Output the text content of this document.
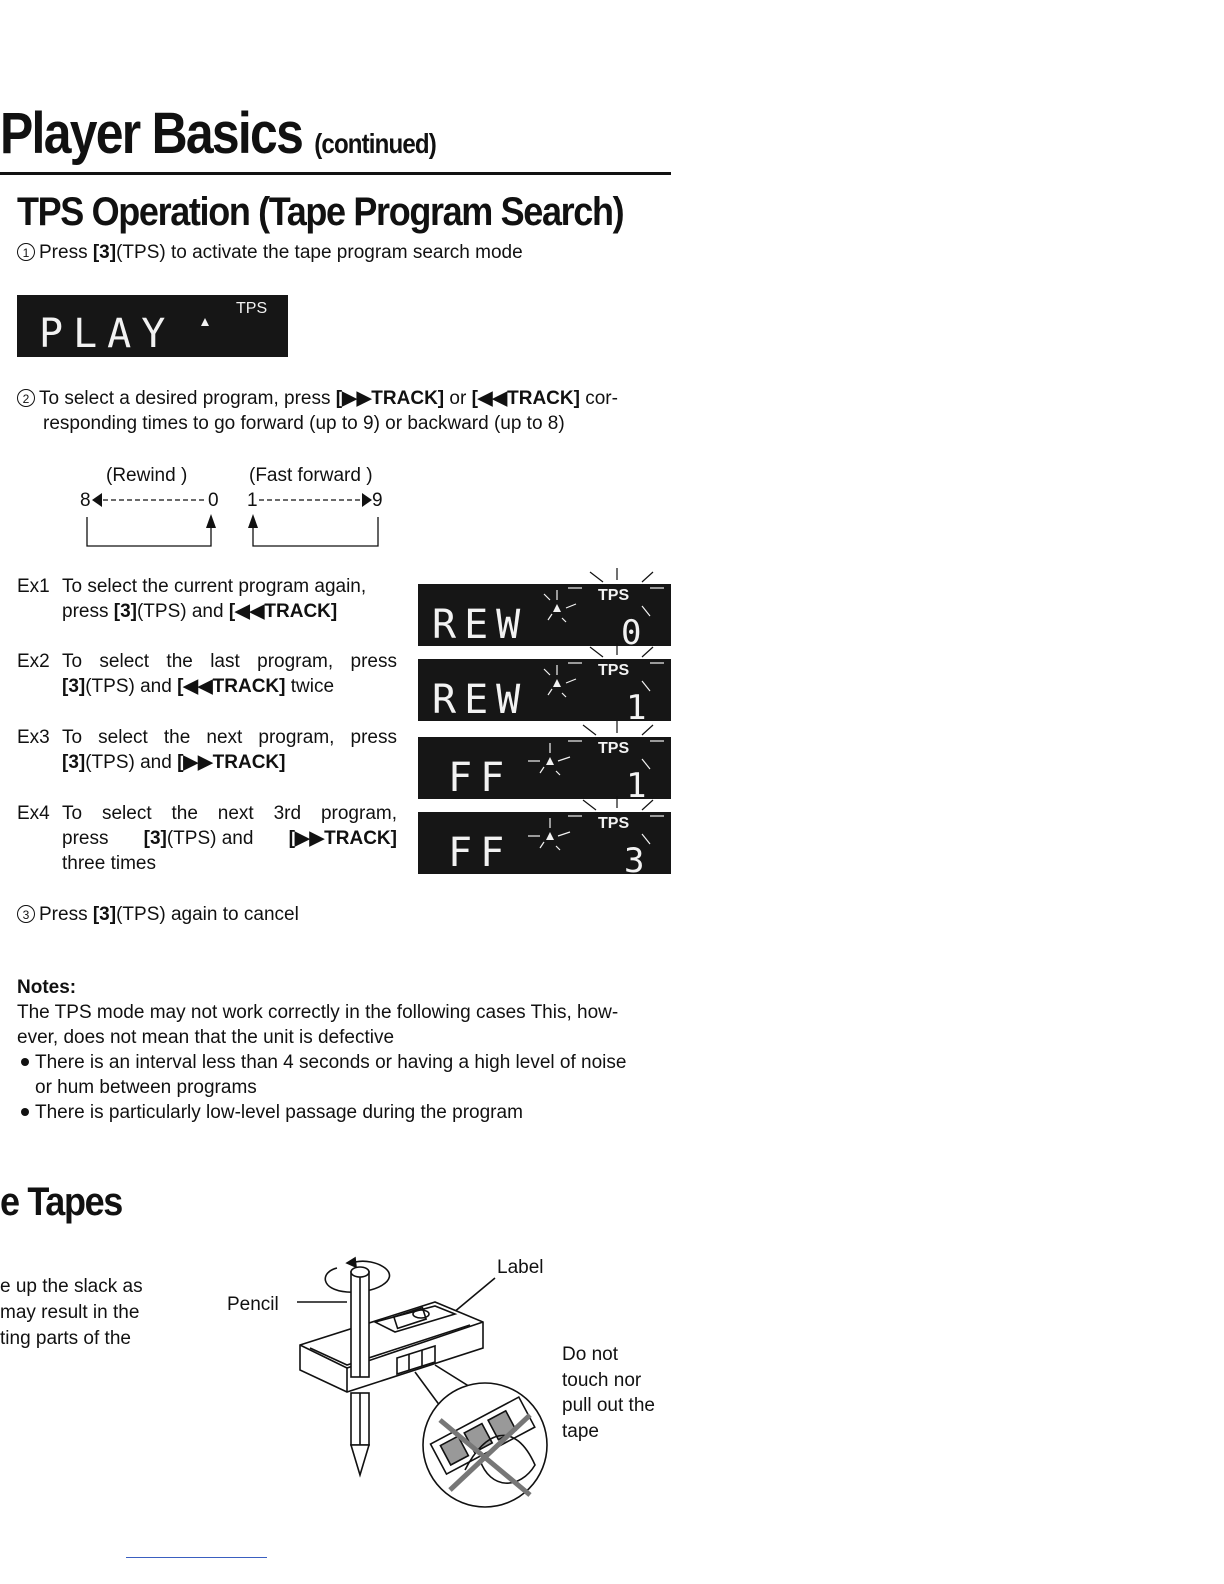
Player Basics (continued)
TPS Operation (Tape Program Search)
1 Press [3](TPS) to activate the tape program search mode
PLAY
TPS
2 To select a desired program, press [▶▶TRACK] or [◀◀TRACK] cor-
responding times to go forward (up to 9) or backward (up to 8)
(Rewind )	(Fast forward )
8	0 1	9
Ex1 To select the current program again,
press [3](TPS) and [◀◀TRACK]
Ex2 To select the last program, press
[3](TPS) and [◀◀TRACK] twice
Ex3 To select the next program, press
[3](TPS) and [▶▶TRACK]
Ex4 To select the next 3rd program,
press [3](TPS) and [▶▶TRACK]
three times
REW
TPS
0
REW
TPS
1
FF
TPS
1
FF
TPS
3
3 Press [3](TPS) again to cancel
Notes:
The TPS mode may not work correctly in the following cases This, how-
ever, does not mean that the unit is defective
There is an interval less than 4 seconds or having a high level of noise
or hum between programs
There is particularly low-level passage during the program
e Tapes
e up the slack as
may result in the
ting parts of the
Label
Pencil
Do not
touch nor
pull out the
tape
